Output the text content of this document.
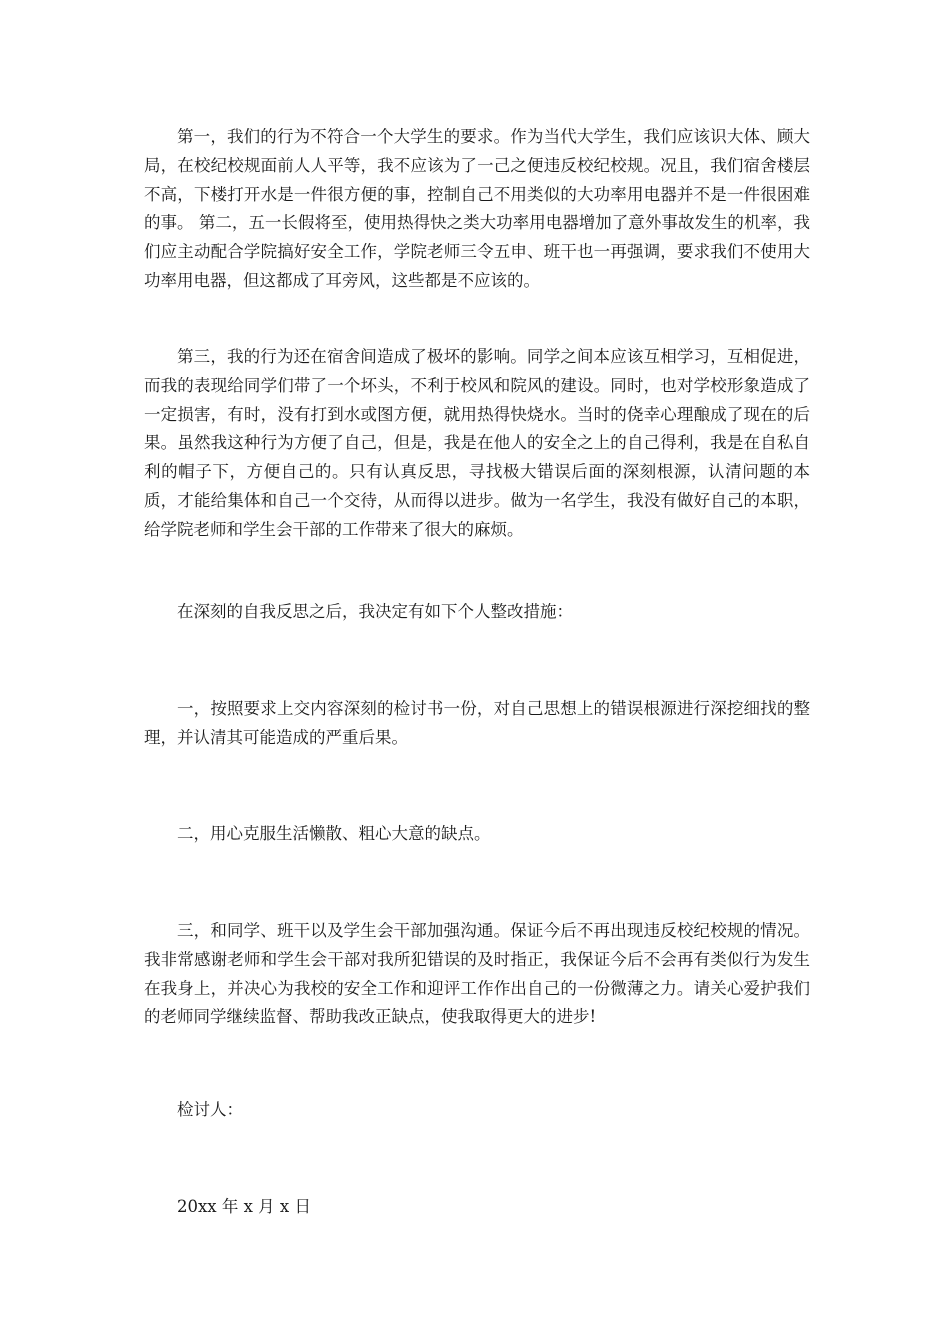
第一，我们的行为不符合一个大学生的要求。作为当代大学生，我们应该识大体、顾大局，在校纪校规面前人人平等，我不应该为了一己之便违反校纪校规。况且，我们宿舍楼层不高，下楼打开水是一件很方便的事，控制自己不用类似的大功率用电器并不是一件很困难的事。 第二，五一长假将至，使用热得快之类大功率用电器增加了意外事故发生的机率，我们应主动配合学院搞好安全工作，学院老师三令五申、班干也一再强调，要求我们不使用大功率用电器，但这都成了耳旁风，这些都是不应该的。

第三，我的行为还在宿舍间造成了极坏的影响。同学之间本应该互相学习，互相促进，而我的表现给同学们带了一个坏头，不利于校风和院风的建设。同时，也对学校形象造成了一定损害，有时，没有打到水或图方便，就用热得快烧水。当时的侥幸心理酿成了现在的后果。虽然我这种行为方便了自己，但是，我是在他人的安全之上的自己得利，我是在自私自利的帽子下，方便自己的。只有认真反思，寻找极大错误后面的深刻根源，认清问题的本质，才能给集体和自己一个交待，从而得以进步。做为一名学生，我没有做好自己的本职，给学院老师和学生会干部的工作带来了很大的麻烦。

在深刻的自我反思之后，我决定有如下个人整改措施：

一，按照要求上交内容深刻的检讨书一份，对自己思想上的错误根源进行深挖细找的整理，并认清其可能造成的严重后果。

二，用心克服生活懒散、粗心大意的缺点。

三，和同学、班干以及学生会干部加强沟通。保证今后不再出现违反校纪校规的情况。 我非常感谢老师和学生会干部对我所犯错误的及时指正，我保证今后不会再有类似行为发生在我身上，并决心为我校的安全工作和迎评工作作出自己的一份微薄之力。请关心爱护我们的老师同学继续监督、帮助我改正缺点，使我取得更大的进步!

检讨人：

20xx 年 x 月 x 日
